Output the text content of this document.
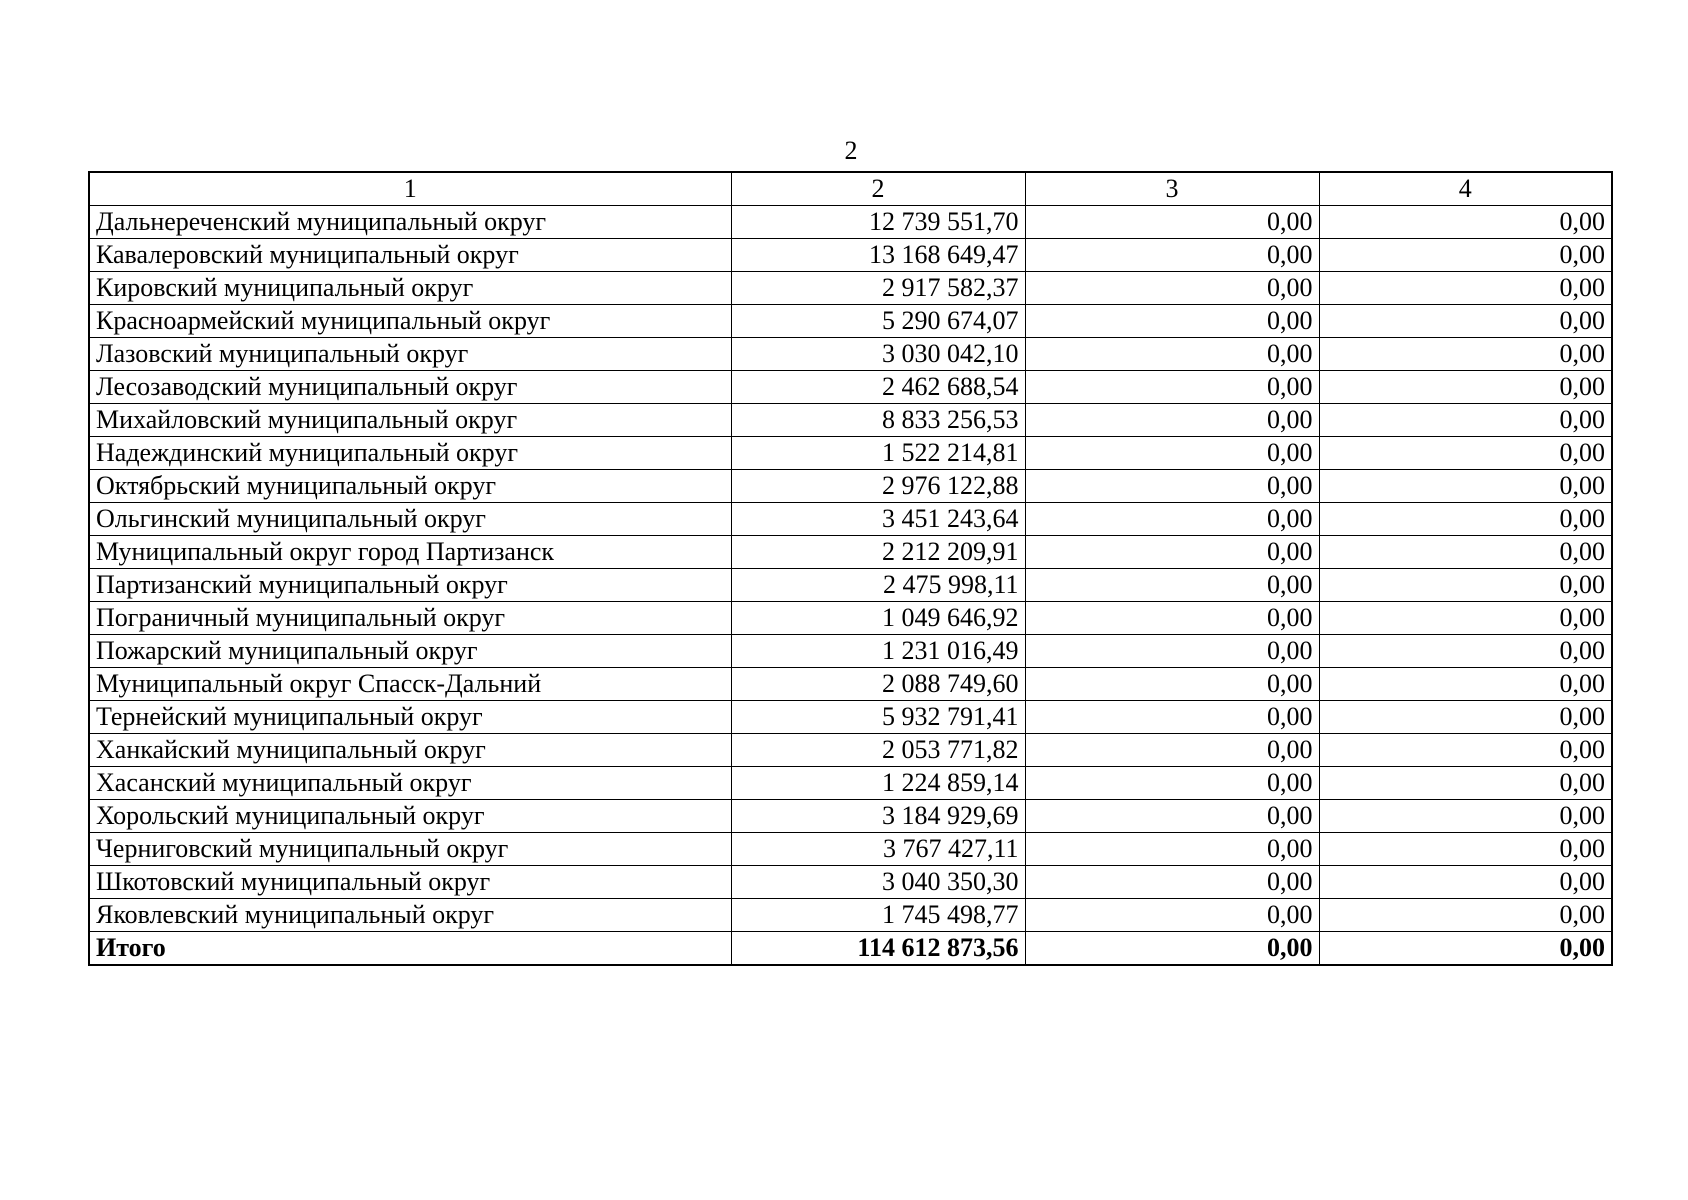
2
1	2	3	4
Дальнереченский муниципальный округ	12 739 551,70	0,00	0,00
Кавалеровский муниципальный округ	13 168 649,47	0,00	0,00
Кировский муниципальный округ	2 917 582,37	0,00	0,00
Красноармейский муниципальный округ	5 290 674,07	0,00	0,00
Лазовский муниципальный округ	3 030 042,10	0,00	0,00
Лесозаводский муниципальный округ	2 462 688,54	0,00	0,00
Михайловский муниципальный округ	8 833 256,53	0,00	0,00
Надеждинский муниципальный округ	1 522 214,81	0,00	0,00
Октябрьский муниципальный округ	2 976 122,88	0,00	0,00
Ольгинский муниципальный округ	3 451 243,64	0,00	0,00
Муниципальный округ город Партизанск	2 212 209,91	0,00	0,00
Партизанский муниципальный округ	2 475 998,11	0,00	0,00
Пограничный муниципальный округ	1 049 646,92	0,00	0,00
Пожарский муниципальный округ	1 231 016,49	0,00	0,00
Муниципальный округ Спасск-Дальний	2 088 749,60	0,00	0,00
Тернейский муниципальный округ	5 932 791,41	0,00	0,00
Ханкайский муниципальный округ	2 053 771,82	0,00	0,00
Хасанский муниципальный округ	1 224 859,14	0,00	0,00
Хорольский муниципальный округ	3 184 929,69	0,00	0,00
Черниговский муниципальный округ	3 767 427,11	0,00	0,00
Шкотовский муниципальный округ	3 040 350,30	0,00	0,00
Яковлевский муниципальный округ	1 745 498,77	0,00	0,00
Итого	114 612 873,56	0,00	0,00
